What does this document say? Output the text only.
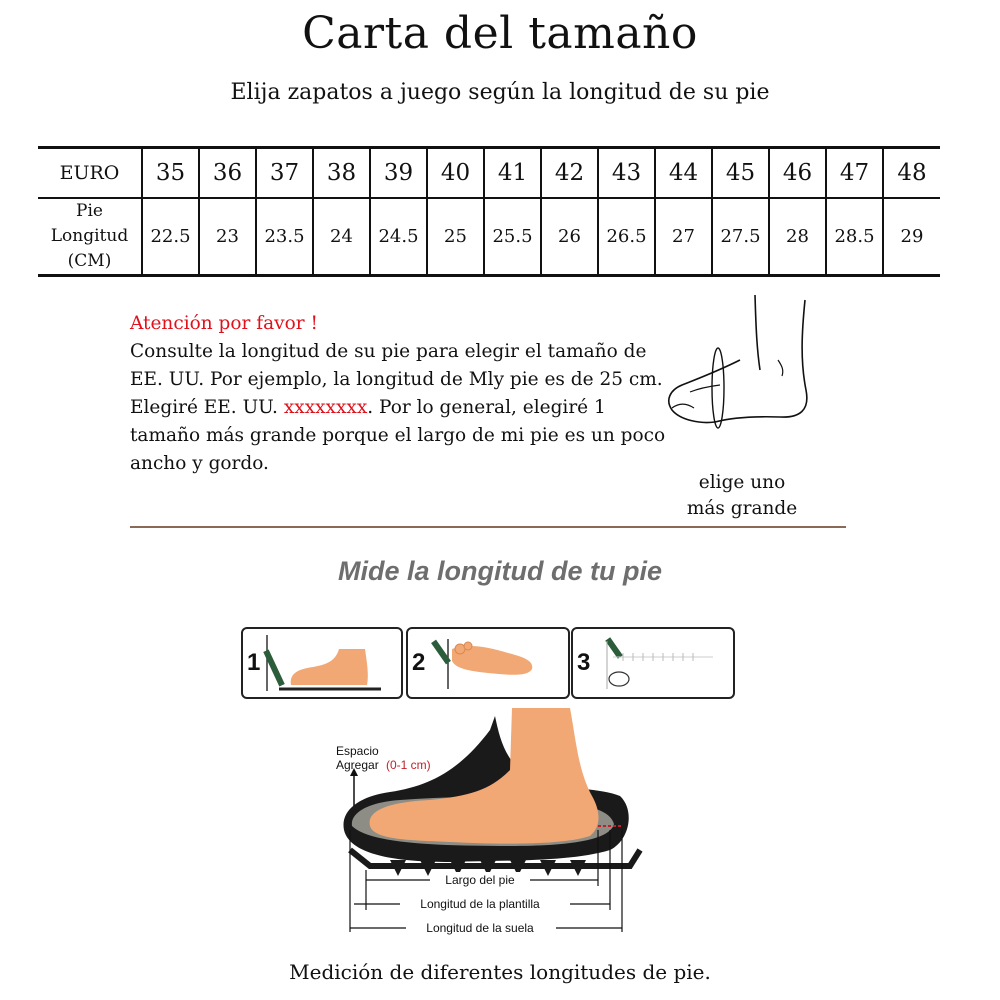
Carta del tamaño
Elija zapatos a juego según la longitud de su pie
EURO	35	36	37	38	39	40	41	42	43	44	45	46	47	48

Pie
Longitud
(CM)	22.5	23	23.5	24	24.5	25	25.5	26	26.5	27	27.5	28	28.5	29
Atención por favor !
Consulte la longitud de su pie para elegir el tamaño de EE. UU. Por ejemplo, la longitud de Mly pie es de 25 cm. Elegiré EE. UU. xxxxxxxx. Por lo general, elegiré 1 tamaño más grande porque el largo de mi pie es un poco ancho y gordo.
elige uno
más grande
Mide la longitud de tu pie
1	2	3
Espacio
Agregar (0-1 cm)
Largo del pie
Longitud de la plantilla
Longitud de la suela
Medición de diferentes longitudes de pie.
